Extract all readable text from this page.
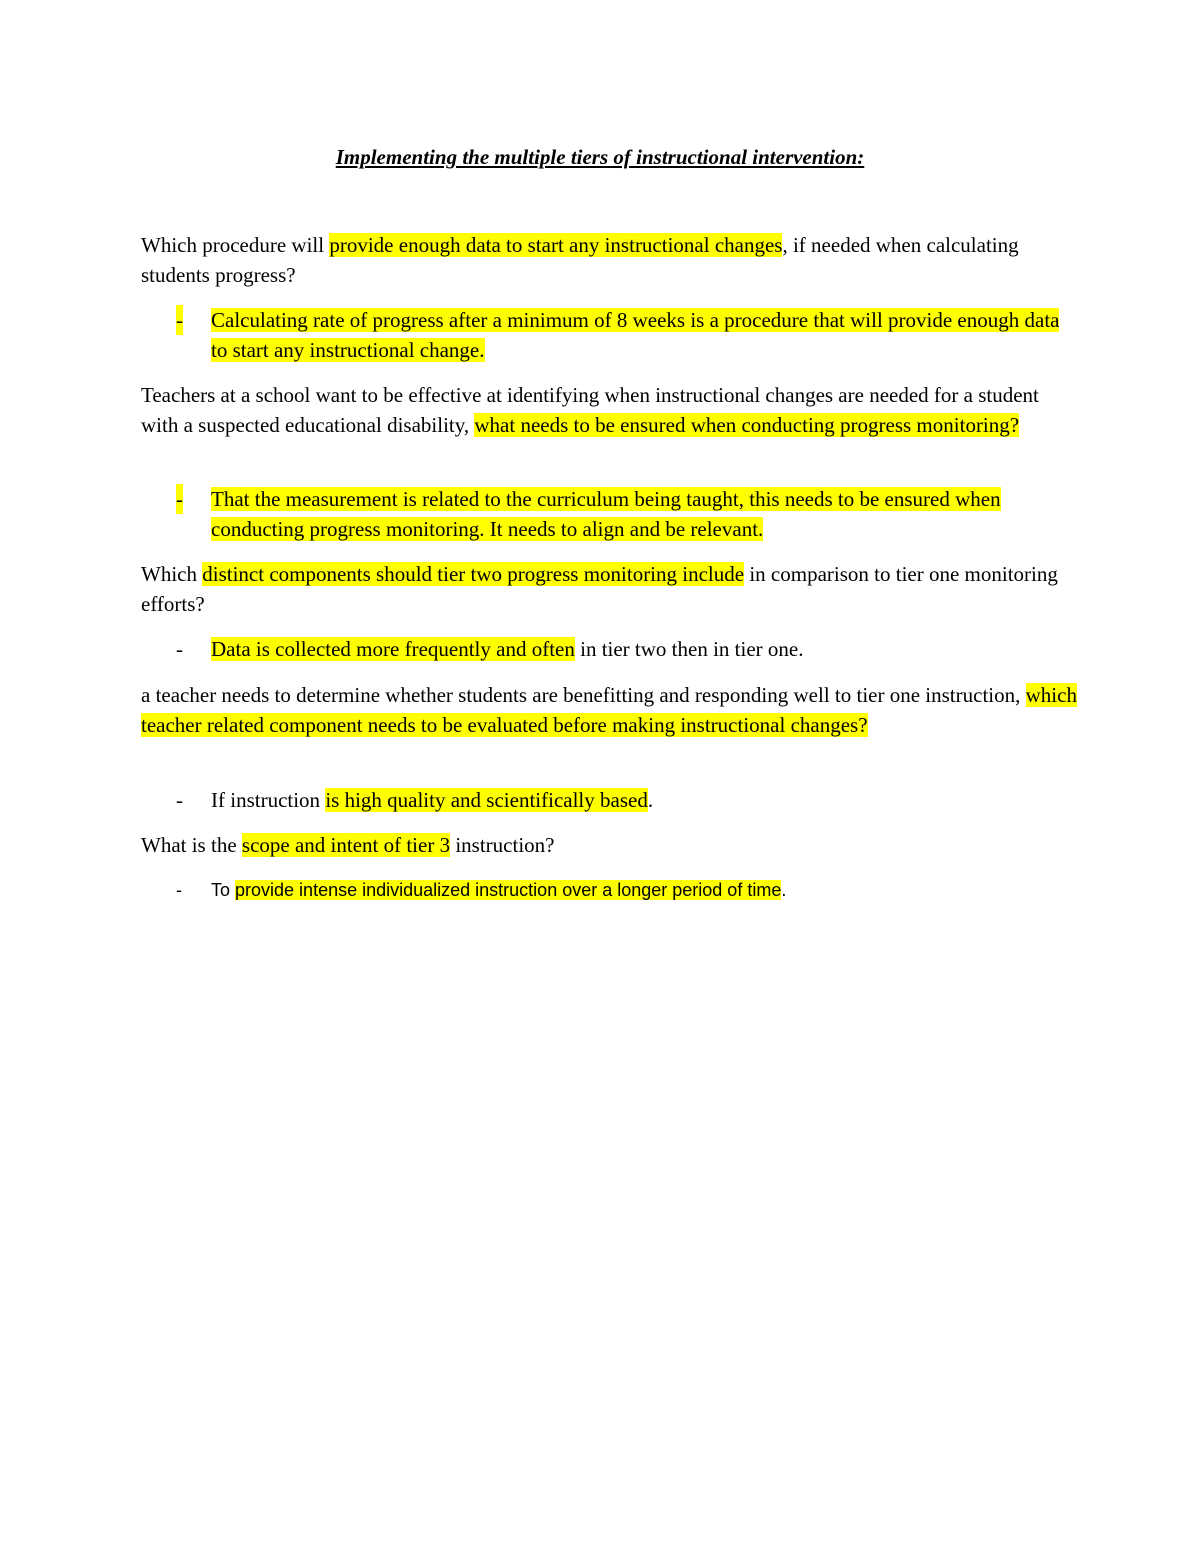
Implementing the multiple tiers of instructional intervention:

Which procedure will provide enough data to start any instructional changes, if needed when calculating students progress?

- Calculating rate of progress after a minimum of 8 weeks is a procedure that will provide enough data to start any instructional change.

Teachers at a school want to be effective at identifying when instructional changes are needed for a student with a suspected educational disability, what needs to be ensured when conducting progress monitoring?

- That the measurement is related to the curriculum being taught, this needs to be ensured when conducting progress monitoring. It needs to align and be relevant.

Which distinct components should tier two progress monitoring include in comparison to tier one monitoring efforts?

- Data is collected more frequently and often in tier two then in tier one.

a teacher needs to determine whether students are benefitting and responding well to tier one instruction, which teacher related component needs to be evaluated before making instructional changes?

- If instruction is high quality and scientifically based.

What is the scope and intent of tier 3 instruction?

- To provide intense individualized instruction over a longer period of time.
